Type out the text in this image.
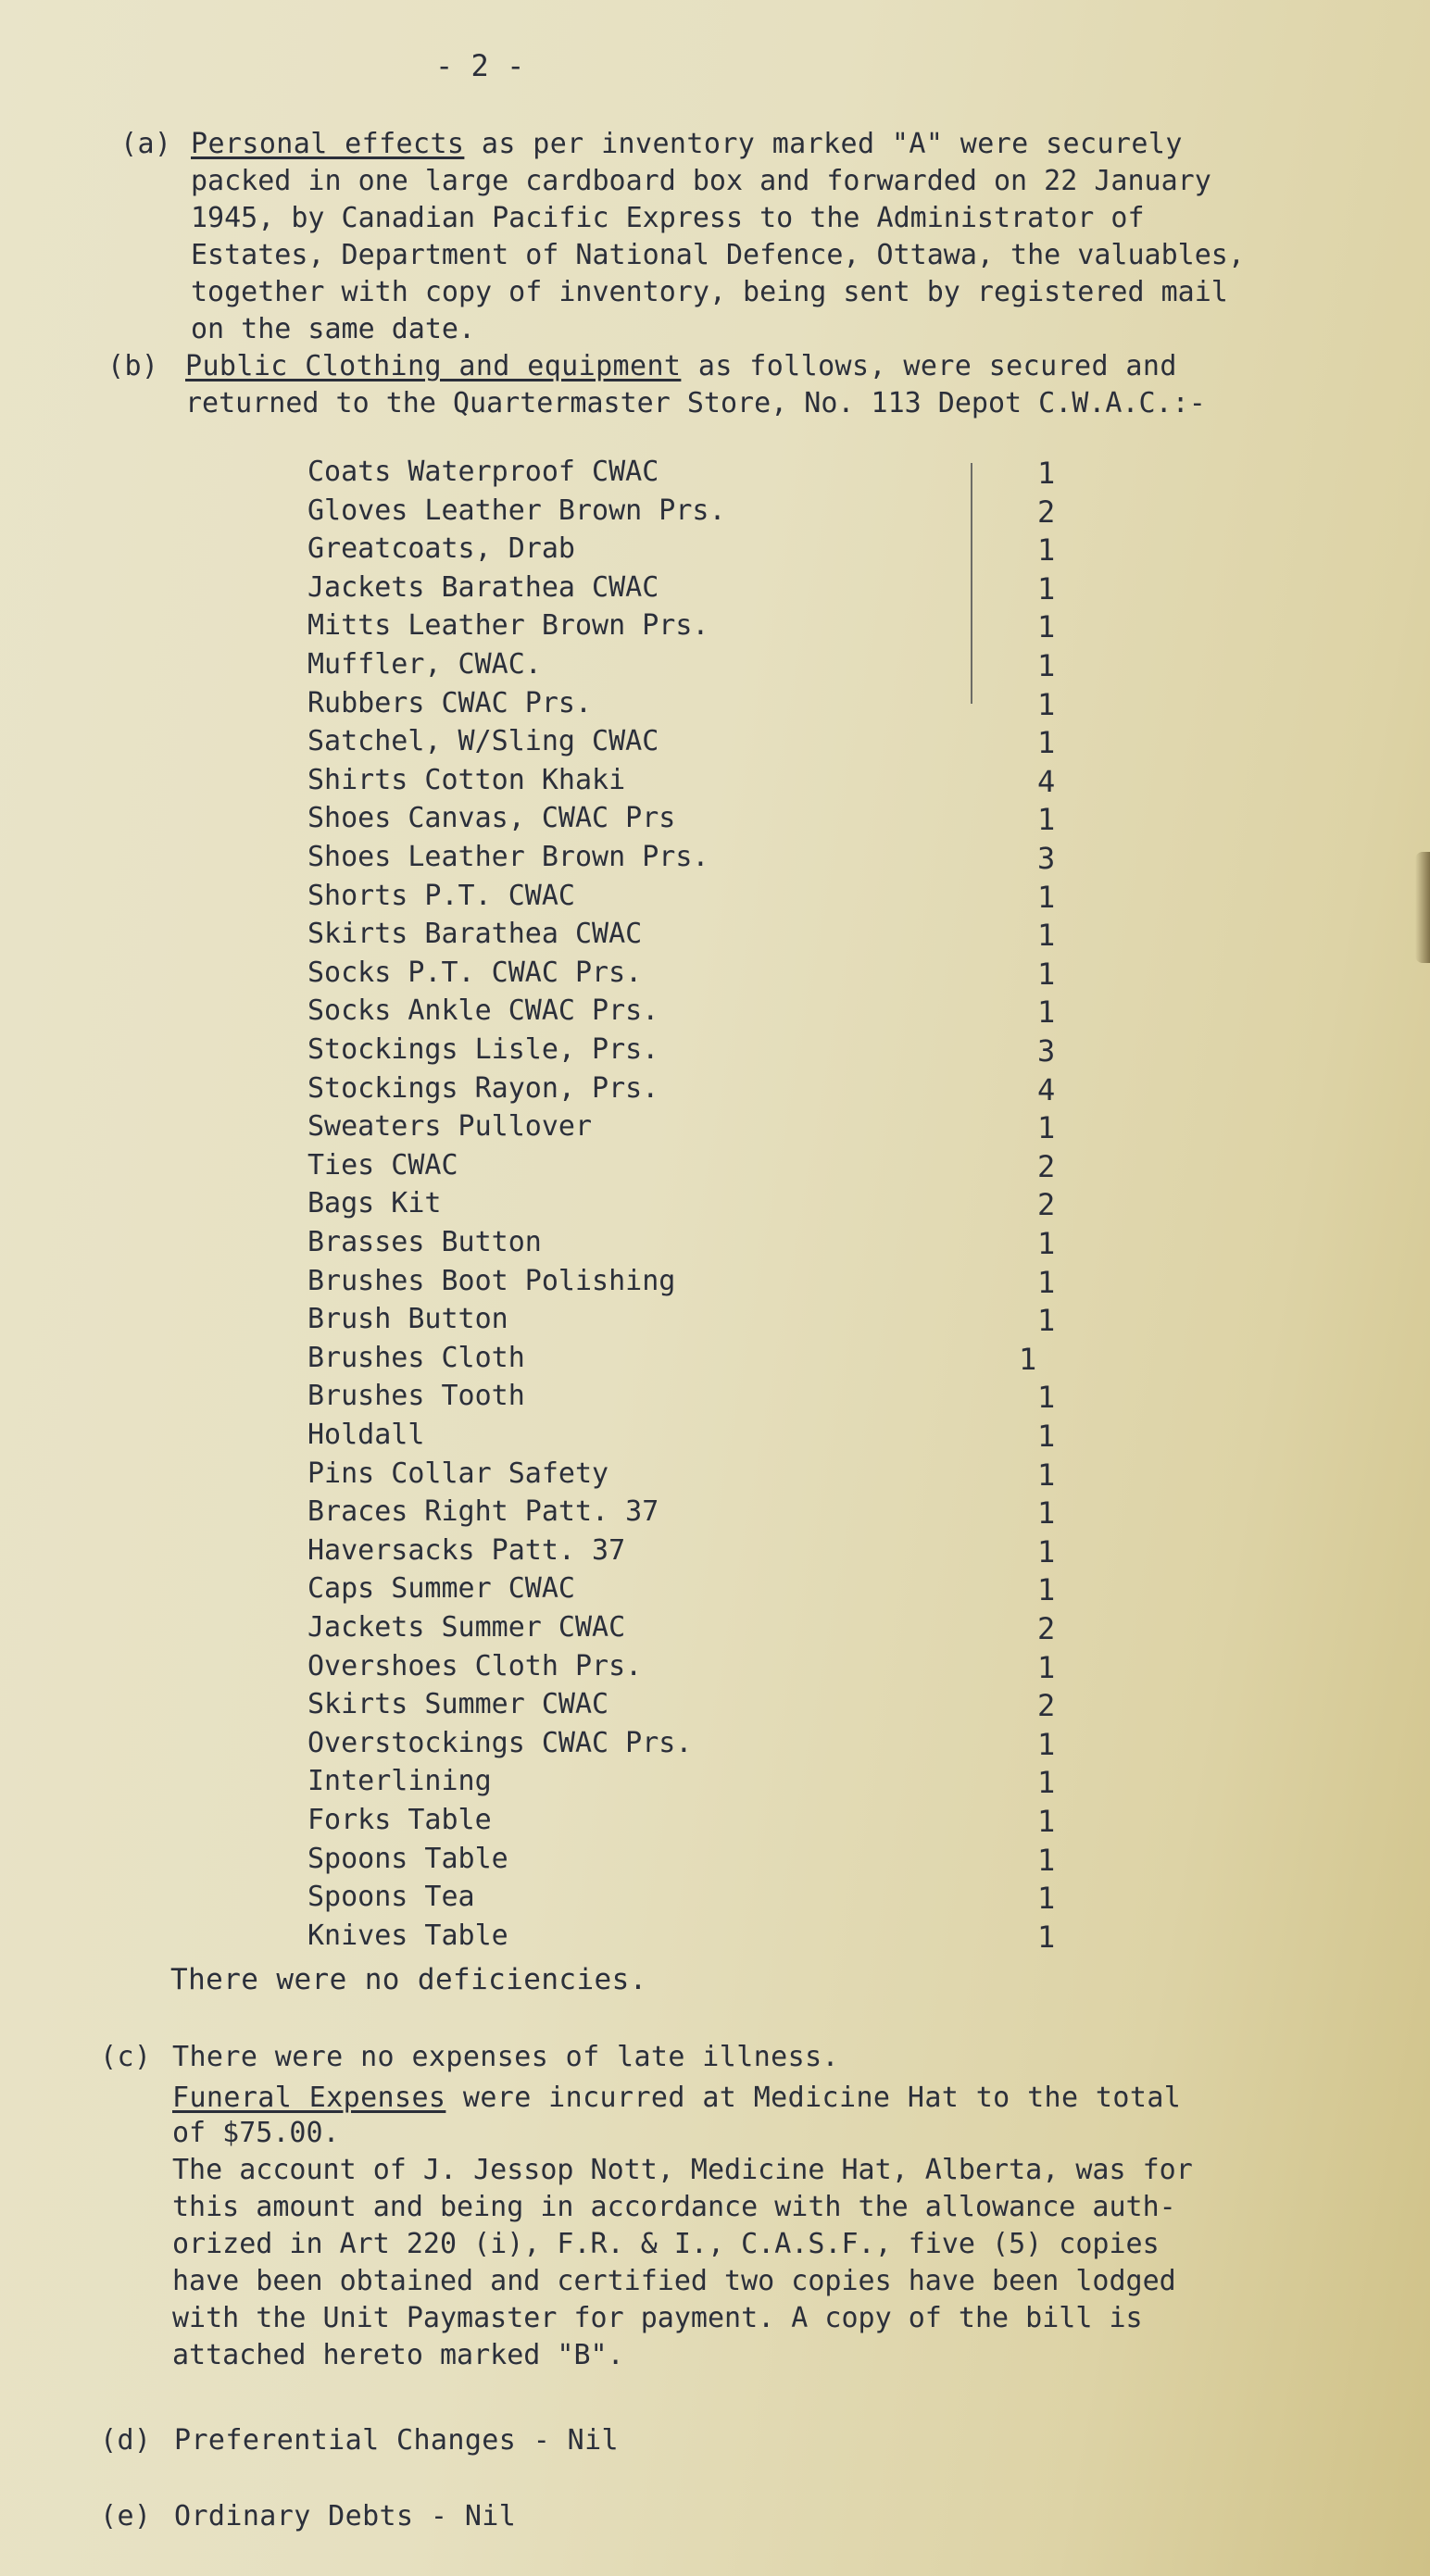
- 2 -
(a) Personal effects as per inventory marked "A" were securely
packed in one large cardboard box and forwarded on 22 January
1945, by Canadian Pacific Express to the Administrator of
Estates, Department of National Defence, Ottawa, the valuables,
together with copy of inventory, being sent by registered mail
on the same date.
(b) Public Clothing and equipment as follows, were secured and
returned to the Quartermaster Store, No. 113 Depot C.W.A.C.:-
Coats Waterproof CWAC	1
Gloves Leather Brown Prs.	2
Greatcoats, Drab	1
Jackets Barathea CWAC	1
Mitts Leather Brown Prs.	1
Muffler, CWAC.	1
Rubbers CWAC Prs.	1
Satchel, W/Sling CWAC	1
Shirts Cotton Khaki	4
Shoes Canvas, CWAC Prs	1
Shoes Leather Brown Prs.	3
Shorts P.T. CWAC	1
Skirts Barathea CWAC	1
Socks P.T. CWAC Prs.	1
Socks Ankle CWAC Prs.	1
Stockings Lisle, Prs.	3
Stockings Rayon, Prs.	4
Sweaters Pullover	1
Ties CWAC	2
Bags Kit	2
Brasses Button	1
Brushes Boot Polishing	1
Brush Button	1
Brushes Cloth	1
Brushes Tooth	1
Holdall	1
Pins Collar Safety	1
Braces Right Patt. 37	1
Haversacks Patt. 37	1
Caps Summer CWAC	1
Jackets Summer CWAC	2
Overshoes Cloth Prs.	1
Skirts Summer CWAC	2
Overstockings CWAC Prs.	1
Interlining	1
Forks Table	1
Spoons Table	1
Spoons Tea	1
Knives Table	1
There were no deficiencies.
(c) There were no expenses of late illness.
Funeral Expenses were incurred at Medicine Hat to the total
of $75.00.
The account of J. Jessop Nott, Medicine Hat, Alberta, was for
this amount and being in accordance with the allowance auth-
orized in Art 220 (i), F.R. & I., C.A.S.F., five (5) copies
have been obtained and certified two copies have been lodged
with the Unit Paymaster for payment. A copy of the bill is
attached hereto marked "B".
(d) Preferential Changes - Nil
(e) Ordinary Debts - Nil
